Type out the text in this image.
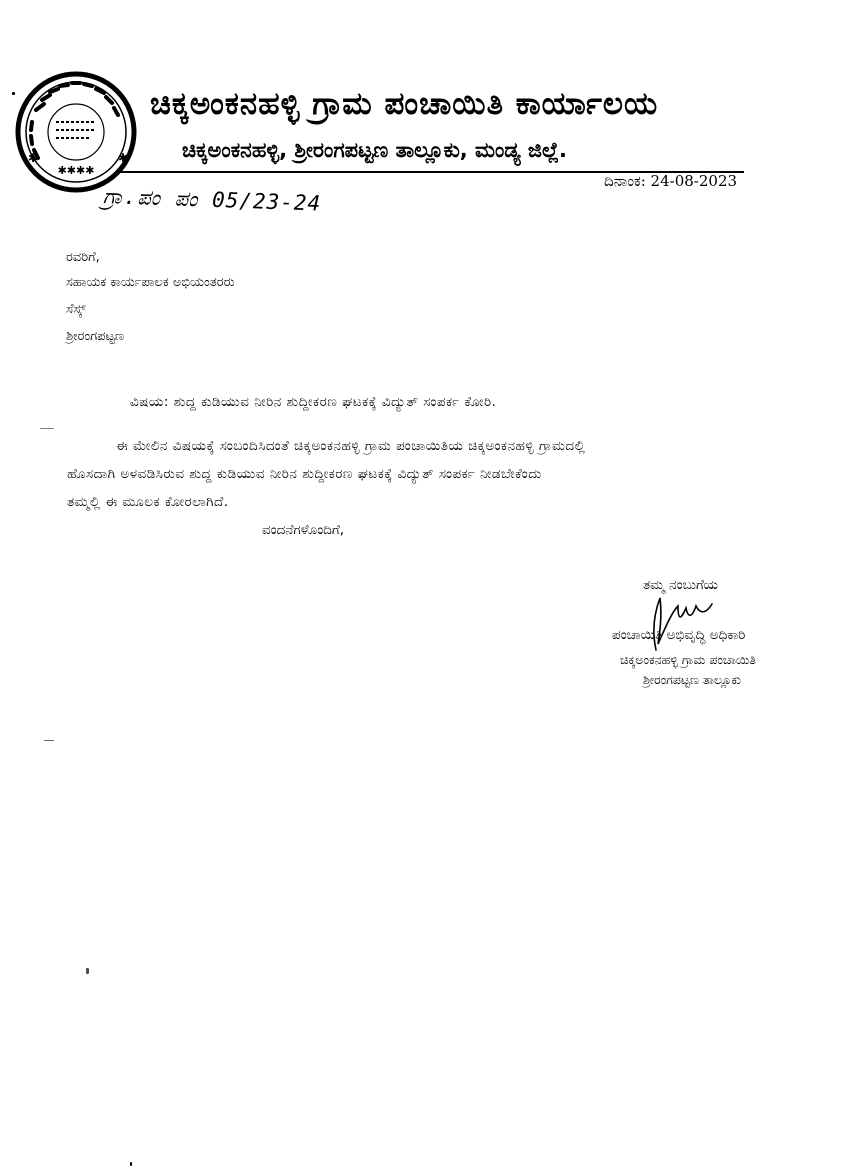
✱✱✱✱
✱
✱
ಚಿಕ್ಕಅಂಕನಹಳ್ಳಿ ಗ್ರಾಮ ಪಂಚಾಯಿತಿ ಕಾರ್ಯಾಲಯ
ಚಿಕ್ಕಅಂಕನಹಳ್ಳಿ, ಶ್ರೀರಂಗಪಟ್ಟಣ ತಾಲ್ಲೂಕು, ಮಂಡ್ಯ ಜಿಲ್ಲೆ.
ದಿನಾಂಕ: 24-08-2023
ಗ್ರಾ.ಪಂ ಪಂ 05/23-24
ರವರಿಗೆ,
ಸಹಾಯಕ ಕಾರ್ಯಪಾಲಕ ಅಭಿಯಂತರರು
ಸೆಸ್ಕ್
ಶ್ರೀರಂಗಪಟ್ಟಣ
ವಿಷಯ: ಶುದ್ದ ಕುಡಿಯುವ ನೀರಿನ ಶುದ್ದೀಕರಣ ಘಟಕಕ್ಕೆ ವಿದ್ಯುತ್ ಸಂಪರ್ಕ ಕೋರಿ.
ಈ ಮೇಲಿನ ವಿಷಯಕ್ಕೆ ಸಂಬಂದಿಸಿದಂತೆ ಚಿಕ್ಕಅಂಕನಹಳ್ಳಿ ಗ್ರಾಮ ಪಂಚಾಯಿತಿಯ ಚಿಕ್ಕಅಂಕನಹಳ್ಳಿ ಗ್ರಾಮದಲ್ಲಿ
ಹೊಸದಾಗಿ ಅಳವಡಿಸಿರುವ ಶುದ್ದ ಕುಡಿಯುವ ನೀರಿನ ಶುದ್ದೀಕರಣ ಘಟಕಕ್ಕೆ ವಿದ್ಯುತ್ ಸಂಪರ್ಕ ನೀಡಬೇಕೆಂದು
ತಮ್ಮಲ್ಲಿ ಈ ಮೂಲಕ ಕೋರಲಾಗಿದೆ.
ವಂದನೆಗಳೊಂದಿಗೆ,
ತಮ್ಮ ನಂಬುಗೆಯ
ಪಂಚಾಯಿತಿ ಅಭಿವೃದ್ಧಿ ಅಧಿಕಾರಿ
ಚಿಕ್ಕಅಂಕನಹಳ್ಳಿ ಗ್ರಾಮ ಪಂಚಾಯಿತಿ
ಶ್ರೀರಂಗಪಟ್ಟಣ ತಾಲ್ಲೂಕು
